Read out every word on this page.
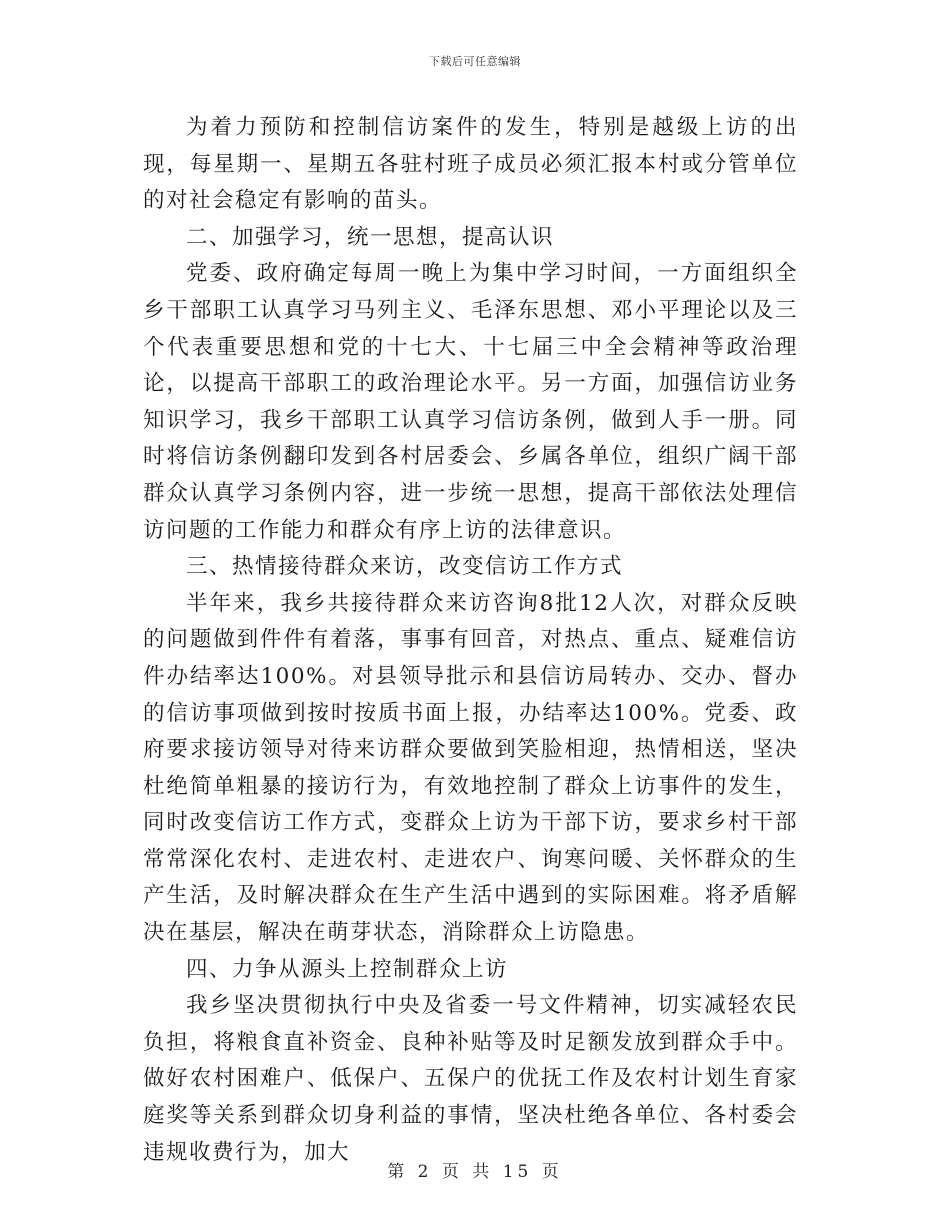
下载后可任意编辑

为着力预防和控制信访案件的发生，特别是越级上访的出现，每星期一、星期五各驻村班子成员必须汇报本村或分管单位的对社会稳定有影响的苗头。

二、加强学习，统一思想，提高认识

党委、政府确定每周一晚上为集中学习时间，一方面组织全乡干部职工认真学习马列主义、毛泽东思想、邓小平理论以及三个代表重要思想和党的十七大、十七届三中全会精神等政治理论，以提高干部职工的政治理论水平。另一方面，加强信访业务知识学习，我乡干部职工认真学习信访条例，做到人手一册。同时将信访条例翻印发到各村居委会、乡属各单位，组织广阔干部群众认真学习条例内容，进一步统一思想，提高干部依法处理信访问题的工作能力和群众有序上访的法律意识。

三、热情接待群众来访，改变信访工作方式

半年来，我乡共接待群众来访咨询8批12人次，对群众反映的问题做到件件有着落，事事有回音，对热点、重点、疑难信访件办结率达100%。对县领导批示和县信访局转办、交办、督办的信访事项做到按时按质书面上报，办结率达100%。党委、政府要求接访领导对待来访群众要做到笑脸相迎，热情相送，坚决杜绝简单粗暴的接访行为，有效地控制了群众上访事件的发生，同时改变信访工作方式，变群众上访为干部下访，要求乡村干部常常深化农村、走进农村、走进农户、询寒问暖、关怀群众的生产生活，及时解决群众在生产生活中遇到的实际困难。将矛盾解决在基层，解决在萌芽状态，消除群众上访隐患。

四、力争从源头上控制群众上访

我乡坚决贯彻执行中央及省委一号文件精神，切实减轻农民负担，将粮食直补资金、良种补贴等及时足额发放到群众手中。做好农村困难户、低保户、五保户的优抚工作及农村计划生育家庭奖等关系到群众切身利益的事情，坚决杜绝各单位、各村委会违规收费行为，加大

第 2 页 共 15 页
